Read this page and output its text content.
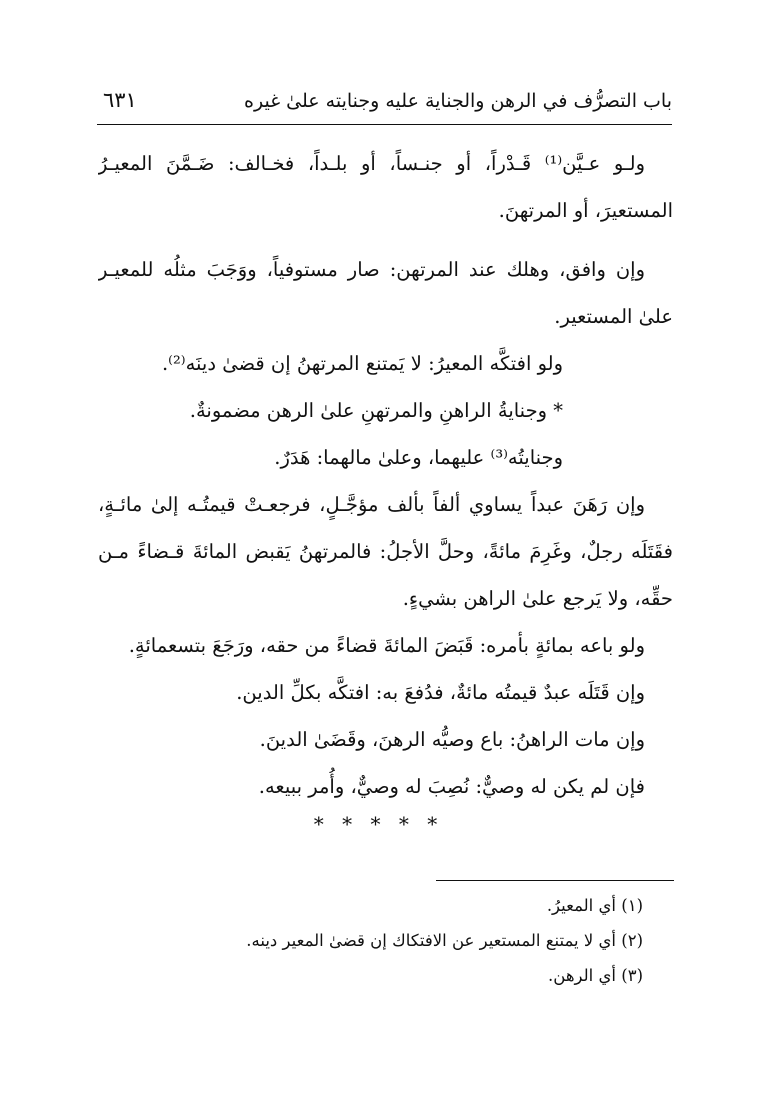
باب التصرُّف في الرهن والجناية عليه وجنايته علىٰ غيره
٦٣١
ولـو عـيَّن⁽¹⁾ قَـدْراً، أو جنـساً، أو بلـداً، فخـالف: ضَـمَّنَ المعيـرُ
المستعيرَ، أو المرتهنَ.
وإن وافق، وهلك عند المرتهن: صار مستوفياً، ووَجَبَ مثلُه للمعيـر
علىٰ المستعير.
ولو افتكَّه المعيرُ: لا يَمتنع المرتهنُ إن قضىٰ دينَه⁽²⁾.
* وجنايةُ الراهنِ والمرتهنِ علىٰ الرهن مضمونةٌ.
وجنايتُه⁽³⁾ عليهما، وعلىٰ مالهما: هَدَرٌ.
وإن رَهَنَ عبداً يساوي ألفاً بألف مؤجَّـلٍ، فرجعـتْ قيمتُـه إلىٰ مائـةٍ،
فقَتَلَه رجلٌ، وغَرِمَ مائةً، وحلَّ الأجلُ: فالمرتهنُ يَقبض المائةَ قـضاءً مـن
حقِّه، ولا يَرجع علىٰ الراهن بشيءٍ.
ولو باعه بمائةٍ بأمره: قَبَضَ المائةَ قضاءً من حقه، ورَجَعَ بتسعمائةٍ.
وإن قَتَلَه عبدٌ قيمتُه مائةٌ، فدُفعَ به: افتكَّه بكلِّ الدين.
وإن مات الراهنُ: باع وصيُّه الرهنَ، وقَضَىٰ الدينَ.
فإن لم يكن له وصيٌّ: نُصِبَ له وصيٌّ، وأُمر ببيعه.
* * * * *
(١) أي المعيرُ.
(٢) أي لا يمتنع المستعير عن الافتكاك إن قضىٰ المعير دينه.
(٣) أي الرهن.
